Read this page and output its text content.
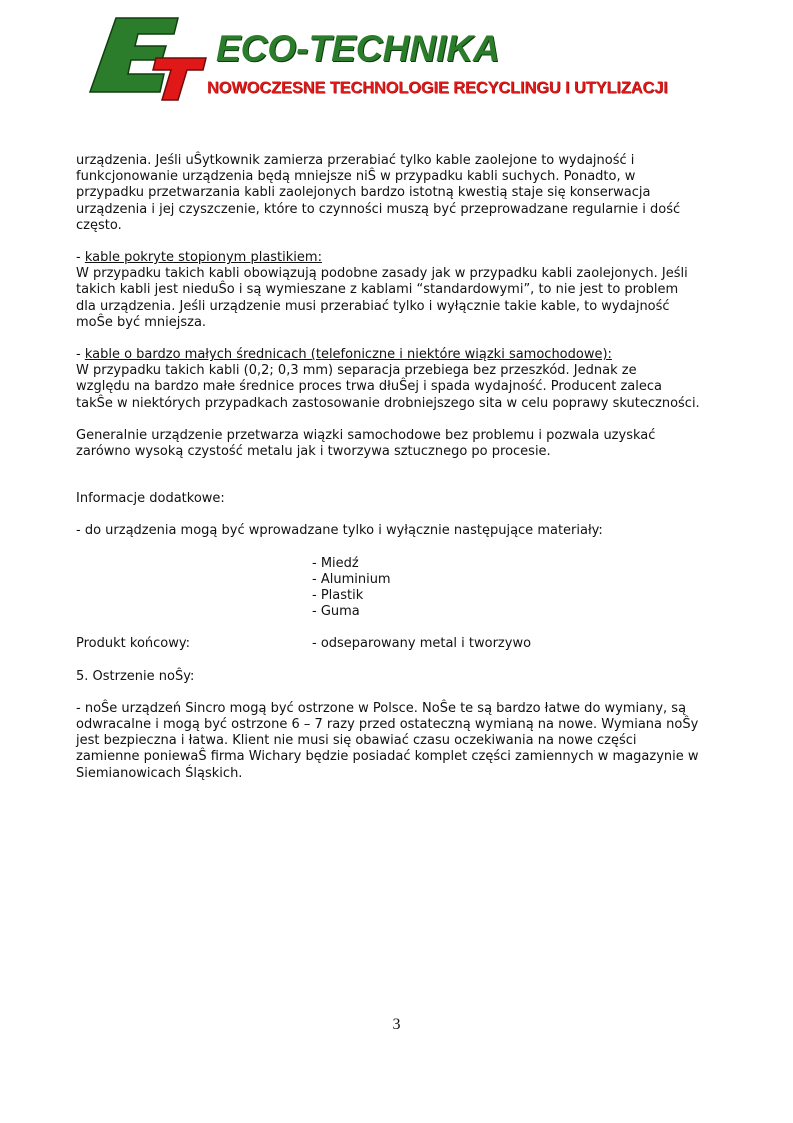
ECO-TECHNIKA
NOWOCZESNE TECHNOLOGIE RECYCLINGU I UTYLIZACJI

urządzenia. Jeśli uŜytkownik zamierza przerabiać tylko kable zaolejone to wydajność i

funkcjonowanie urządzenia będą mniejsze niŜ w przypadku kabli suchych. Ponadto, w

przypadku przetwarzania kabli zaolejonych bardzo istotną kwestią staje się konserwacja

urządzenia i jej czyszczenie, które to czynności muszą być przeprowadzane regularnie i dość

często.

- kable pokryte stopionym plastikiem:

W przypadku takich kabli obowiązują podobne zasady jak w przypadku kabli zaolejonych. Jeśli

takich kabli jest nieduŜo i są wymieszane z kablami “standardowymi”, to nie jest to problem

dla urządzenia. Jeśli urządzenie musi przerabiać tylko i wyłącznie takie kable, to wydajność

moŜe być mniejsza.

- kable o bardzo małych średnicach (telefoniczne i niektóre wiązki samochodowe):

W przypadku takich kabli (0,2; 0,3 mm) separacja przebiega bez przeszkód. Jednak ze

względu na bardzo małe średnice proces trwa dłuŜej i spada wydajność. Producent zaleca

takŜe w niektórych przypadkach zastosowanie drobniejszego sita w celu poprawy skuteczności.

Generalnie urządzenie przetwarza wiązki samochodowe bez problemu i pozwala uzyskać

zarówno wysoką czystość metalu jak i tworzywa sztucznego po procesie.

Informacje dodatkowe:

- do urządzenia mogą być wprowadzane tylko i wyłącznie następujące materiały:

- Miedź

- Aluminium

- Plastik

- Guma

Produkt końcowy:	- odseparowany metal i tworzywo

5. Ostrzenie noŜy:

- noŜe urządzeń Sincro mogą być ostrzone w Polsce. NoŜe te są bardzo łatwe do wymiany, są

odwracalne i mogą być ostrzone 6 – 7 razy przed ostateczną wymianą na nowe. Wymiana noŜy

jest bezpieczna i łatwa. Klient nie musi się obawiać czasu oczekiwania na nowe części

zamienne poniewaŜ firma Wichary będzie posiadać komplet części zamiennych w magazynie w

Siemianowicach Śląskich.

3
